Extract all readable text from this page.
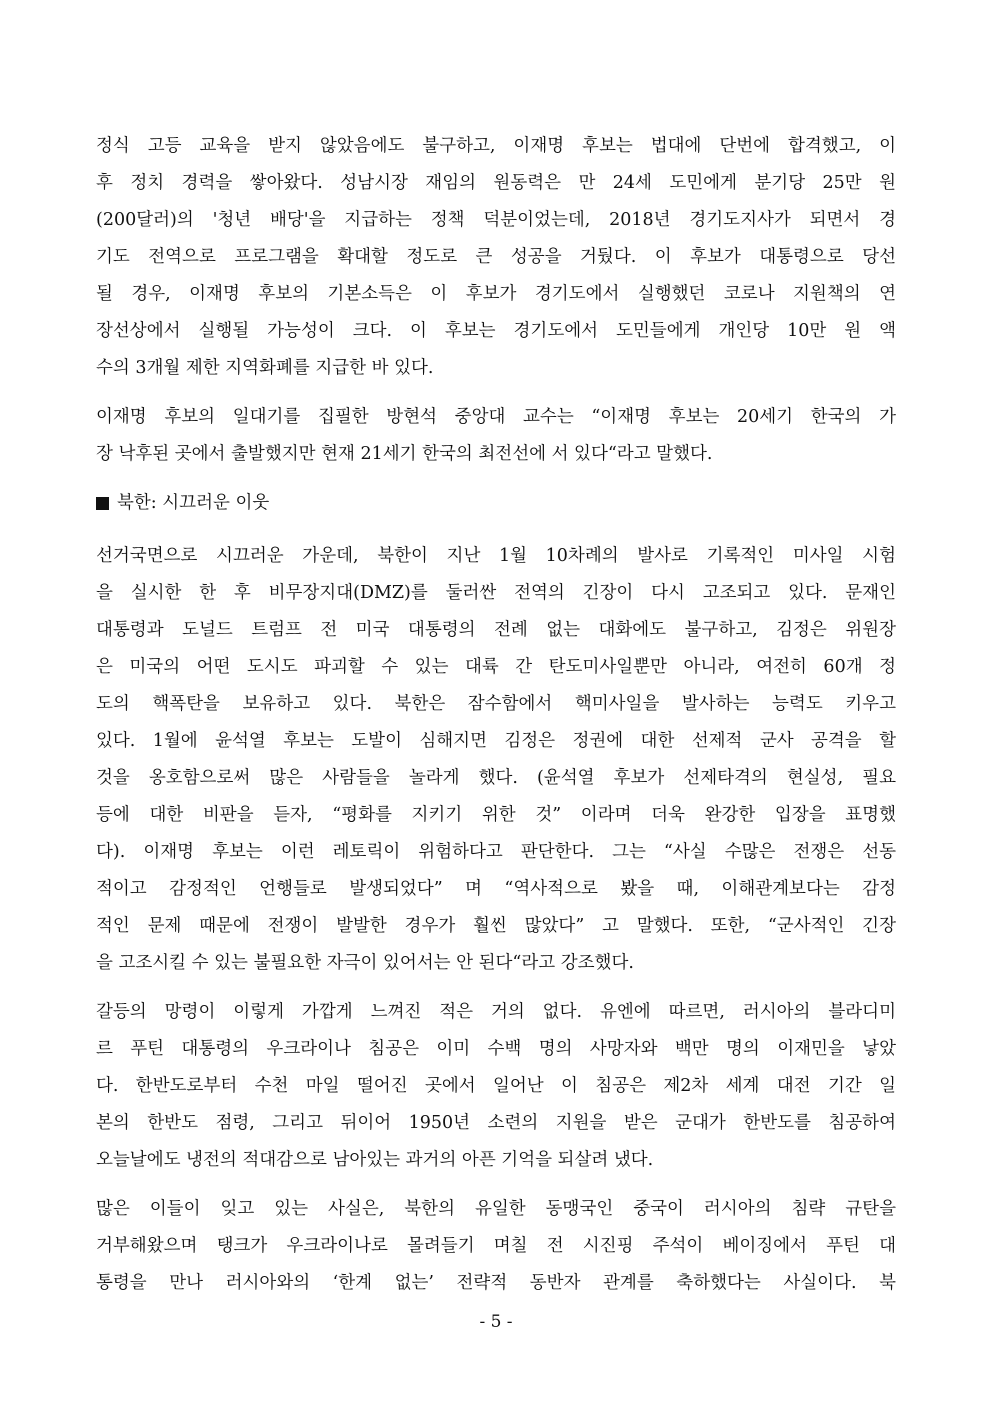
정식 고등 교육을 받지 않았음에도 불구하고, 이재명 후보는 법대에 단번에 합격했고, 이
후 정치 경력을 쌓아왔다. 성남시장 재임의 원동력은 만 24세 도민에게 분기당 25만 원
(200달러)의 '청년 배당'을 지급하는 정책 덕분이었는데, 2018년 경기도지사가 되면서 경
기도 전역으로 프로그램을 확대할 정도로 큰 성공을 거뒀다. 이 후보가 대통령으로 당선
될 경우, 이재명 후보의 기본소득은 이 후보가 경기도에서 실행했던 코로나 지원책의 연
장선상에서 실행될 가능성이 크다. 이 후보는 경기도에서 도민들에게 개인당 10만 원 액
수의 3개월 제한 지역화폐를 지급한 바 있다.
이재명 후보의 일대기를 집필한 방현석 중앙대 교수는 “이재명 후보는 20세기 한국의 가
장 낙후된 곳에서 출발했지만 현재 21세기 한국의 최전선에 서 있다“라고 말했다.
북한: 시끄러운 이웃
선거국면으로 시끄러운 가운데, 북한이 지난 1월 10차례의 발사로 기록적인 미사일 시험
을 실시한 한 후 비무장지대(DMZ)를 둘러싼 전역의 긴장이 다시 고조되고 있다. 문재인
대통령과 도널드 트럼프 전 미국 대통령의 전례 없는 대화에도 불구하고, 김정은 위원장
은 미국의 어떤 도시도 파괴할 수 있는 대륙 간 탄도미사일뿐만 아니라, 여전히 60개 정
도의 핵폭탄을 보유하고 있다. 북한은 잠수함에서 핵미사일을 발사하는 능력도 키우고
있다. 1월에 윤석열 후보는 도발이 심해지면 김정은 정권에 대한 선제적 군사 공격을 할
것을 옹호함으로써 많은 사람들을 놀라게 했다. (윤석열 후보가 선제타격의 현실성, 필요
등에 대한 비판을 듣자, “평화를 지키기 위한 것” 이라며 더욱 완강한 입장을 표명했
다). 이재명 후보는 이런 레토릭이 위험하다고 판단한다. 그는 “사실 수많은 전쟁은 선동
적이고 감정적인 언행들로 발생되었다” 며 “역사적으로 봤을 때, 이해관계보다는 감정
적인 문제 때문에 전쟁이 발발한 경우가 훨씬 많았다” 고 말했다. 또한, “군사적인 긴장
을 고조시킬 수 있는 불필요한 자극이 있어서는 안 된다“라고 강조했다.
갈등의 망령이 이렇게 가깝게 느껴진 적은 거의 없다. 유엔에 따르면, 러시아의 블라디미
르 푸틴 대통령의 우크라이나 침공은 이미 수백 명의 사망자와 백만 명의 이재민을 낳았
다. 한반도로부터 수천 마일 떨어진 곳에서 일어난 이 침공은 제2차 세계 대전 기간 일
본의 한반도 점령, 그리고 뒤이어 1950년 소련의 지원을 받은 군대가 한반도를 침공하여
오늘날에도 냉전의 적대감으로 남아있는 과거의 아픈 기억을 되살려 냈다.
많은 이들이 잊고 있는 사실은, 북한의 유일한 동맹국인 중국이 러시아의 침략 규탄을
거부해왔으며 탱크가 우크라이나로 몰려들기 며칠 전 시진핑 주석이 베이징에서 푸틴 대
통령을 만나 러시아와의 ‘한계 없는’ 전략적 동반자 관계를 축하했다는 사실이다. 북
- 5 -
